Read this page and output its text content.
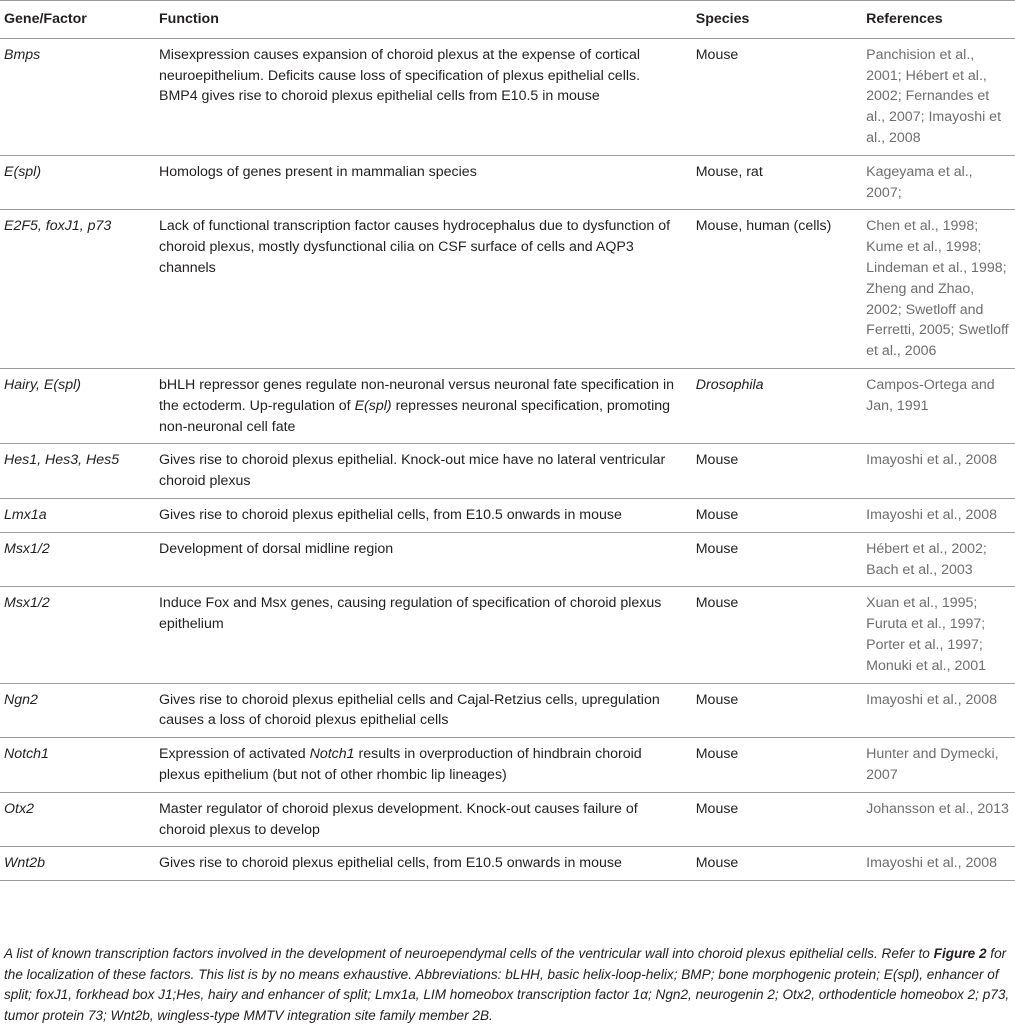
Gene/Factor	Function	Species	References
Bmps	Misexpression causes expansion of choroid plexus at the expense of cortical neuroepithelium. Deficits cause loss of specification of plexus epithelial cells. BMP4 gives rise to choroid plexus epithelial cells from E10.5 in mouse	Mouse	Panchision et al., 2001; Hébert et al., 2002; Fernandes et al., 2007; Imayoshi et al., 2008
E(spl)	Homologs of genes present in mammalian species	Mouse, rat	Kageyama et al., 2007;
E2F5, foxJ1, p73	Lack of functional transcription factor causes hydrocephalus due to dysfunction of choroid plexus, mostly dysfunctional cilia on CSF surface of cells and AQP3 channels	Mouse, human (cells)	Chen et al., 1998; Kume et al., 1998; Lindeman et al., 1998; Zheng and Zhao, 2002; Swetloff and Ferretti, 2005; Swetloff et al., 2006
Hairy, E(spl)	bHLH repressor genes regulate non-neuronal versus neuronal fate specification in the ectoderm. Up-regulation of E(spl) represses neuronal specification, promoting non-neuronal cell fate	Drosophila	Campos-Ortega and Jan, 1991
Hes1, Hes3, Hes5	Gives rise to choroid plexus epithelial. Knock-out mice have no lateral ventricular choroid plexus	Mouse	Imayoshi et al., 2008
Lmx1a	Gives rise to choroid plexus epithelial cells, from E10.5 onwards in mouse	Mouse	Imayoshi et al., 2008
Msx1/2	Development of dorsal midline region	Mouse	Hébert et al., 2002; Bach et al., 2003
Msx1/2	Induce Fox and Msx genes, causing regulation of specification of choroid plexus epithelium	Mouse	Xuan et al., 1995; Furuta et al., 1997; Porter et al., 1997; Monuki et al., 2001
Ngn2	Gives rise to choroid plexus epithelial cells and Cajal-Retzius cells, upregulation causes a loss of choroid plexus epithelial cells	Mouse	Imayoshi et al., 2008
Notch1	Expression of activated Notch1 results in overproduction of hindbrain choroid plexus epithelium (but not of other rhombic lip lineages)	Mouse	Hunter and Dymecki, 2007
Otx2	Master regulator of choroid plexus development. Knock-out causes failure of choroid plexus to develop	Mouse	Johansson et al., 2013
Wnt2b	Gives rise to choroid plexus epithelial cells, from E10.5 onwards in mouse	Mouse	Imayoshi et al., 2008
A list of known transcription factors involved in the development of neuroependymal cells of the ventricular wall into choroid plexus epithelial cells. Refer to Figure 2 for the localization of these factors. This list is by no means exhaustive. Abbreviations: bLHH, basic helix-loop-helix; BMP; bone morphogenic protein; E(spl), enhancer of split; foxJ1, forkhead box J1;Hes, hairy and enhancer of split; Lmx1a, LIM homeobox transcription factor 1α; Ngn2, neurogenin 2; Otx2, orthodenticle homeobox 2; p73, tumor protein 73; Wnt2b, wingless-type MMTV integration site family member 2B.
